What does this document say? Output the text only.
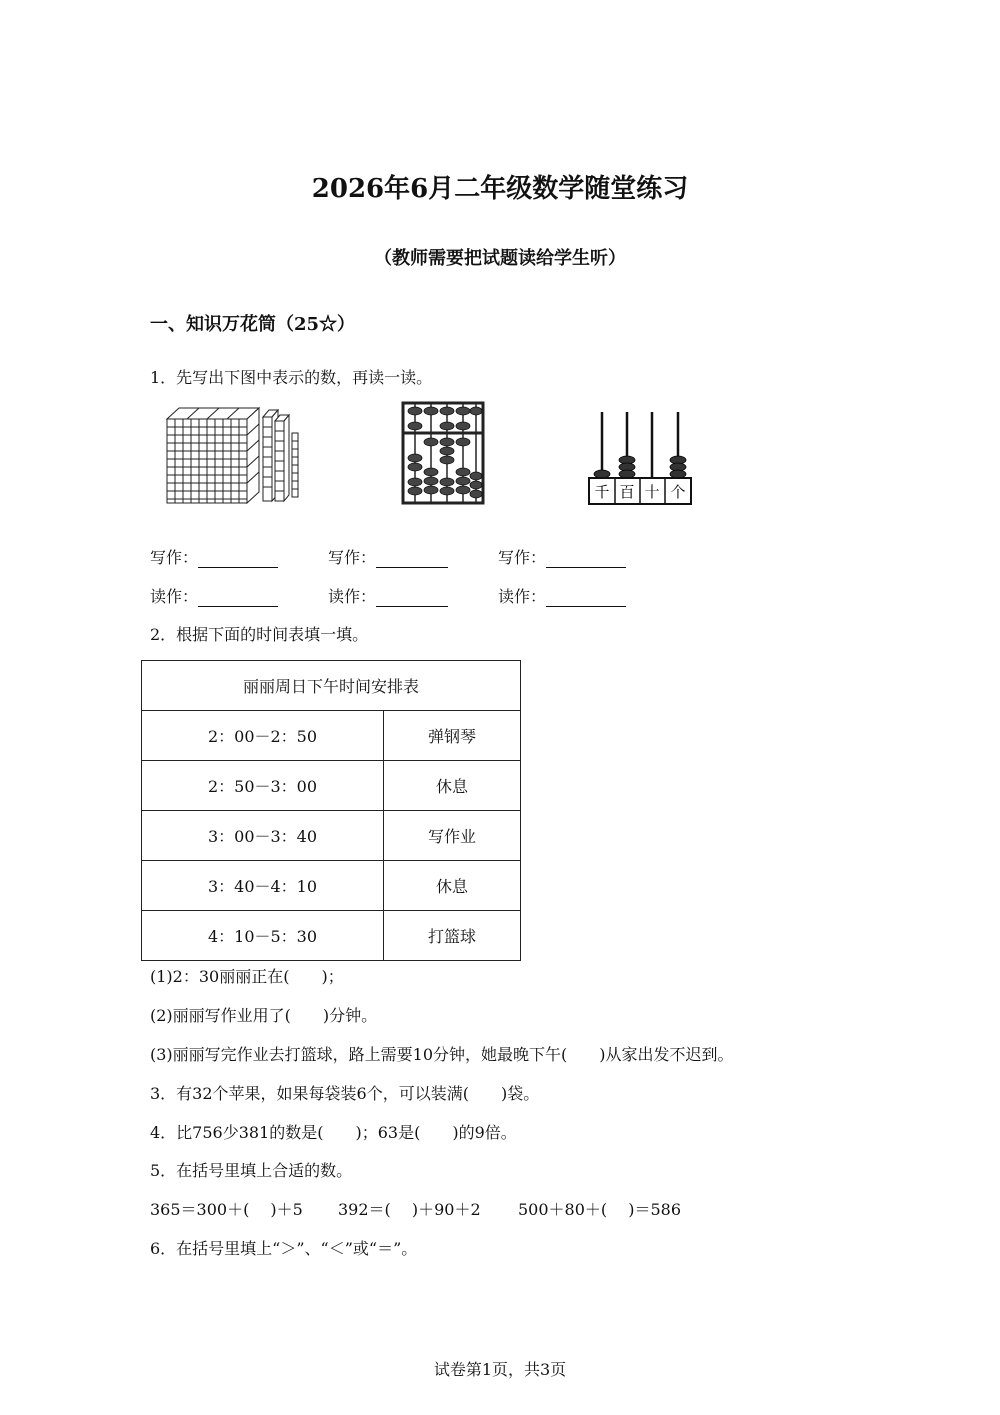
2026年6月二年级数学随堂练习
（教师需要把试题读给学生听）
一、知识万花筒（25☆）
1．先写出下图中表示的数，再读一读。
千 百 十 个
写作：	写作：	写作：
读作：	读作：	读作：
2．根据下面的时间表填一填。
丽丽周日下午时间安排表	
2：00－2：50	弹钢琴
2：50－3：00	休息
3：00－3：40	写作业
3：40－4：10	休息
4：10－5：30	打篮球
(1)2：30丽丽正在(　　)；
(2)丽丽写作业用了(　　)分钟。
(3)丽丽写完作业去打篮球，路上需要10分钟，她最晚下午(　　)从家出发不迟到。
3．有32个苹果，如果每袋装6个，可以装满(　　)袋。
4．比756少381的数是(　　)；63是(　　)的9倍。
5．在括号里填上合适的数。
365＝300＋(　 )＋5 392＝(　 )＋90＋2 500＋80＋(　 )＝586
6．在括号里填上“＞”、“＜”或“＝”。
试卷第1页，共3页
